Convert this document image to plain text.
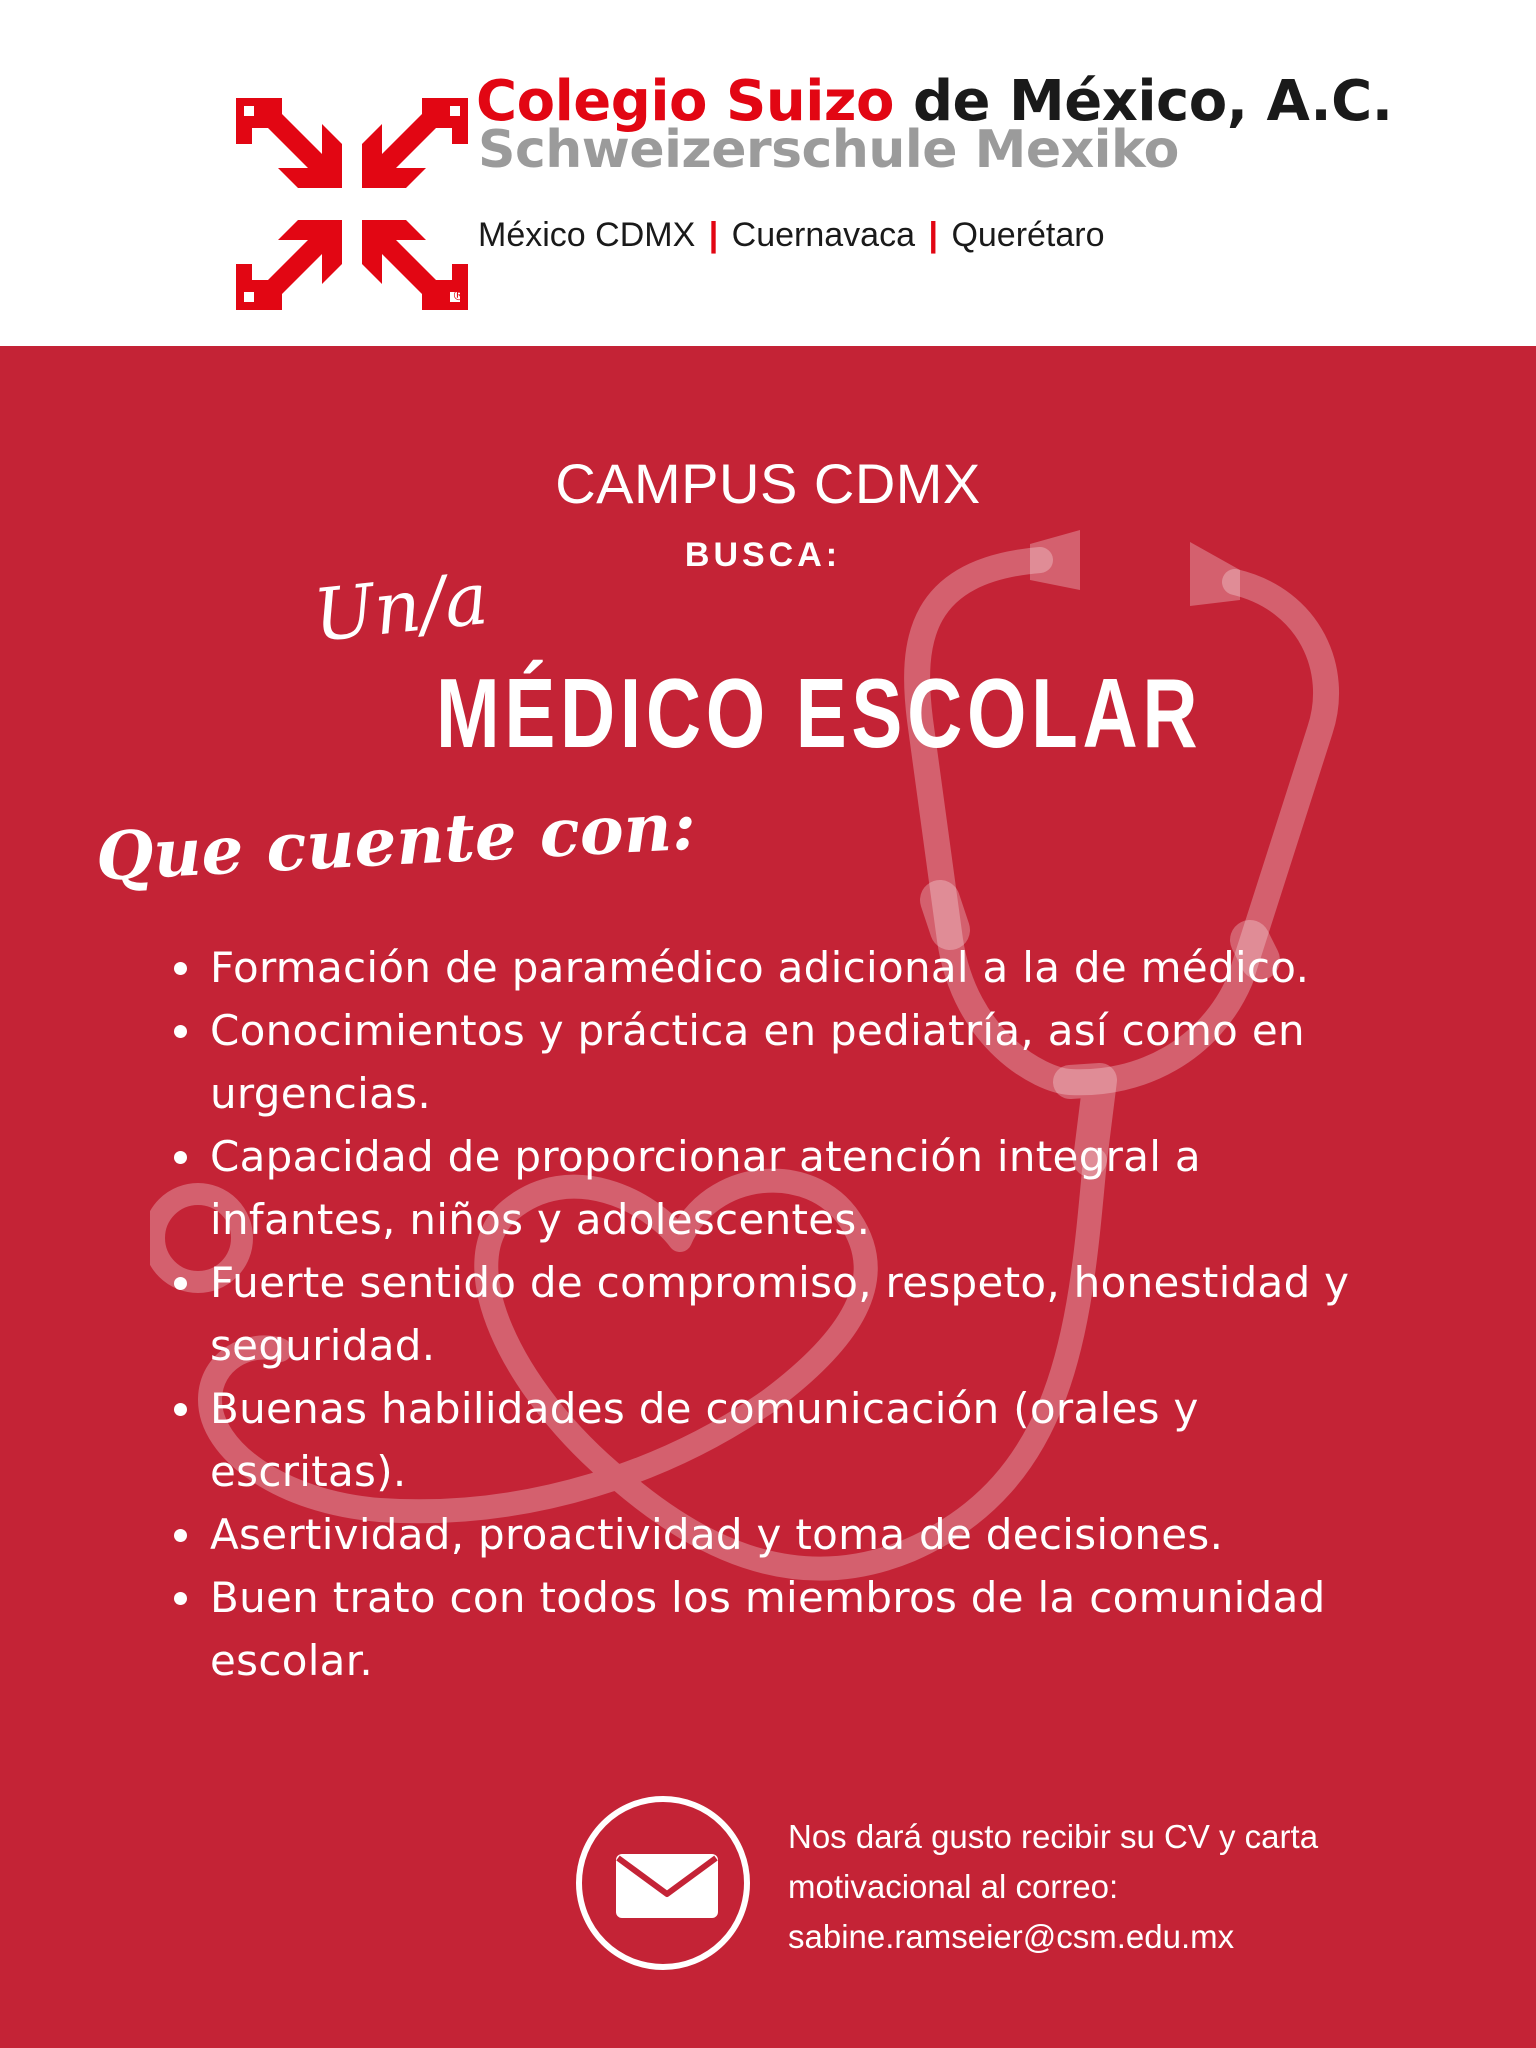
®
Colegio Suizo de México, A.C.
Schweizerschule Mexiko
México CDMX | Cuernavaca | Querétaro
CAMPUS CDMX
BUSCA:
Un/a
MÉDICO ESCOLAR
Que cuente con:
Formación de paramédico adicional a la de médico.
Conocimientos y práctica en pediatría, así como en urgencias.
Capacidad de proporcionar atención integral a infantes, niños y adolescentes.
Fuerte sentido de compromiso, respeto, honestidad y seguridad.
Buenas habilidades de comunicación (orales y escritas).
Asertividad, proactividad y toma de decisiones.
Buen trato con todos los miembros de la comunidad escolar.
Nos dará gusto recibir su CV y carta
motivacional al correo:
sabine.ramseier@csm.edu.mx
